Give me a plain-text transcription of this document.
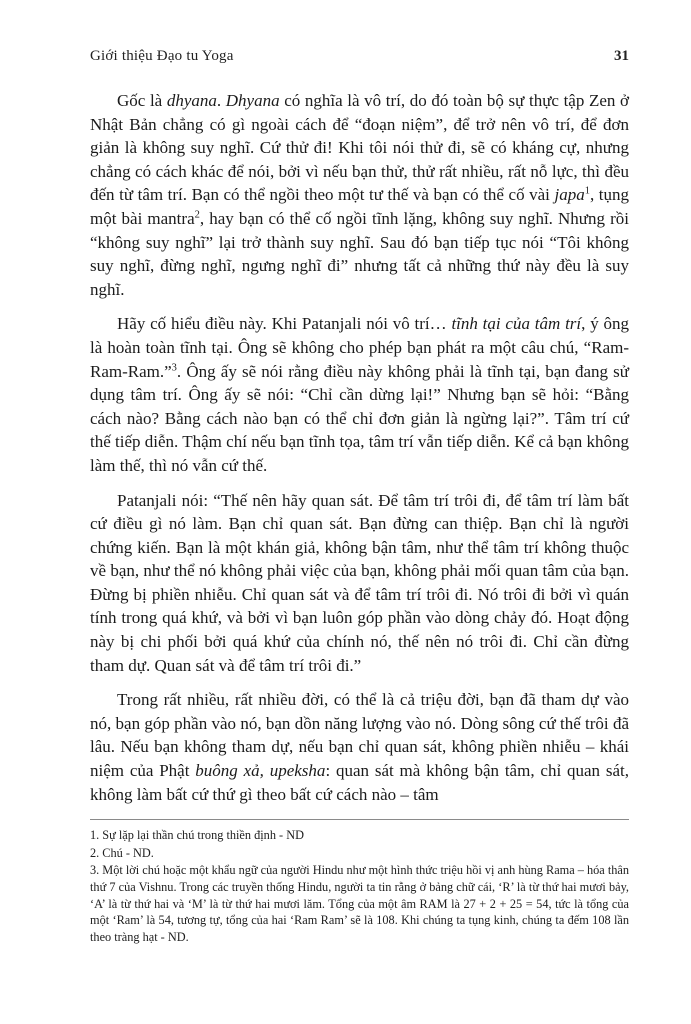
Giới thiệu Đạo tu Yoga	31

Gốc là dhyana. Dhyana có nghĩa là vô trí, do đó toàn bộ sự thực tập Zen ở Nhật Bản chẳng có gì ngoài cách để “đoạn niệm”, để trở nên vô trí, để đơn giản là không suy nghĩ. Cứ thử đi! Khi tôi nói thử đi, sẽ có kháng cự, nhưng chẳng có cách khác để nói, bởi vì nếu bạn thử, thử rất nhiều, rất nỗ lực, thì đều đến từ tâm trí. Bạn có thể ngồi theo một tư thế và bạn có thể cố vài japa$^1$, tụng một bài mantra$^2$, hay bạn có thể cố ngồi tĩnh lặng, không suy nghĩ. Nhưng rồi “không suy nghĩ” lại trở thành suy nghĩ. Sau đó bạn tiếp tục nói “Tôi không suy nghĩ, đừng nghĩ, ngưng nghĩ đi” nhưng tất cả những thứ này đều là suy nghĩ.

Hãy cố hiểu điều này. Khi Patanjali nói vô trí… tĩnh tại của tâm trí, ý ông là hoàn toàn tĩnh tại. Ông sẽ không cho phép bạn phát ra một câu chú, “Ram-Ram-Ram.”$^3$. Ông ấy sẽ nói rằng điều này không phải là tĩnh tại, bạn đang sử dụng tâm trí. Ông ấy sẽ nói: “Chỉ cần dừng lại!” Nhưng bạn sẽ hỏi: “Bằng cách nào? Bằng cách nào bạn có thể chỉ đơn giản là ngừng lại?”. Tâm trí cứ thế tiếp diễn. Thậm chí nếu bạn tĩnh tọa, tâm trí vẫn tiếp diễn. Kể cả bạn không làm thế, thì nó vẫn cứ thế.

Patanjali nói: “Thế nên hãy quan sát. Để tâm trí trôi đi, để tâm trí làm bất cứ điều gì nó làm. Bạn chỉ quan sát. Bạn đừng can thiệp. Bạn chỉ là người chứng kiến. Bạn là một khán giả, không bận tâm, như thể tâm trí không thuộc về bạn, như thể nó không phải việc của bạn, không phải mối quan tâm của bạn. Đừng bị phiền nhiễu. Chỉ quan sát và để tâm trí trôi đi. Nó trôi đi bởi vì quán tính trong quá khứ, và bởi vì bạn luôn góp phần vào dòng chảy đó. Hoạt động này bị chi phối bởi quá khứ của chính nó, thế nên nó trôi đi. Chỉ cần đừng tham dự. Quan sát và để tâm trí trôi đi.”

Trong rất nhiều, rất nhiều đời, có thể là cả triệu đời, bạn đã tham dự vào nó, bạn góp phần vào nó, bạn dồn năng lượng vào nó. Dòng sông cứ thế trôi đã lâu. Nếu bạn không tham dự, nếu bạn chỉ quan sát, không phiền nhiễu – khái niệm của Phật buông xả, upeksha: quan sát mà không bận tâm, chỉ quan sát, không làm bất cứ thứ gì theo bất cứ cách nào – tâm

1. Sự lặp lại thần chú trong thiền định - ND

2. Chú - ND.

3. Một lời chú hoặc một khẩu ngữ của người Hindu như một hình thức triệu hồi vị anh hùng Rama – hóa thân thứ 7 của Vishnu. Trong các truyền thống Hindu, người ta tin rằng ở bảng chữ cái, ‘R’ là từ thứ hai mươi bảy, ‘A’ là từ thứ hai và ‘M’ là từ thứ hai mươi lăm. Tổng của một âm RAM là 27 + 2 + 25 = 54, tức là tổng của một ‘Ram’ là 54, tương tự, tổng của hai ‘Ram Ram’ sẽ là 108. Khi chúng ta tụng kinh, chúng ta đếm 108 lần theo tràng hạt - ND.
